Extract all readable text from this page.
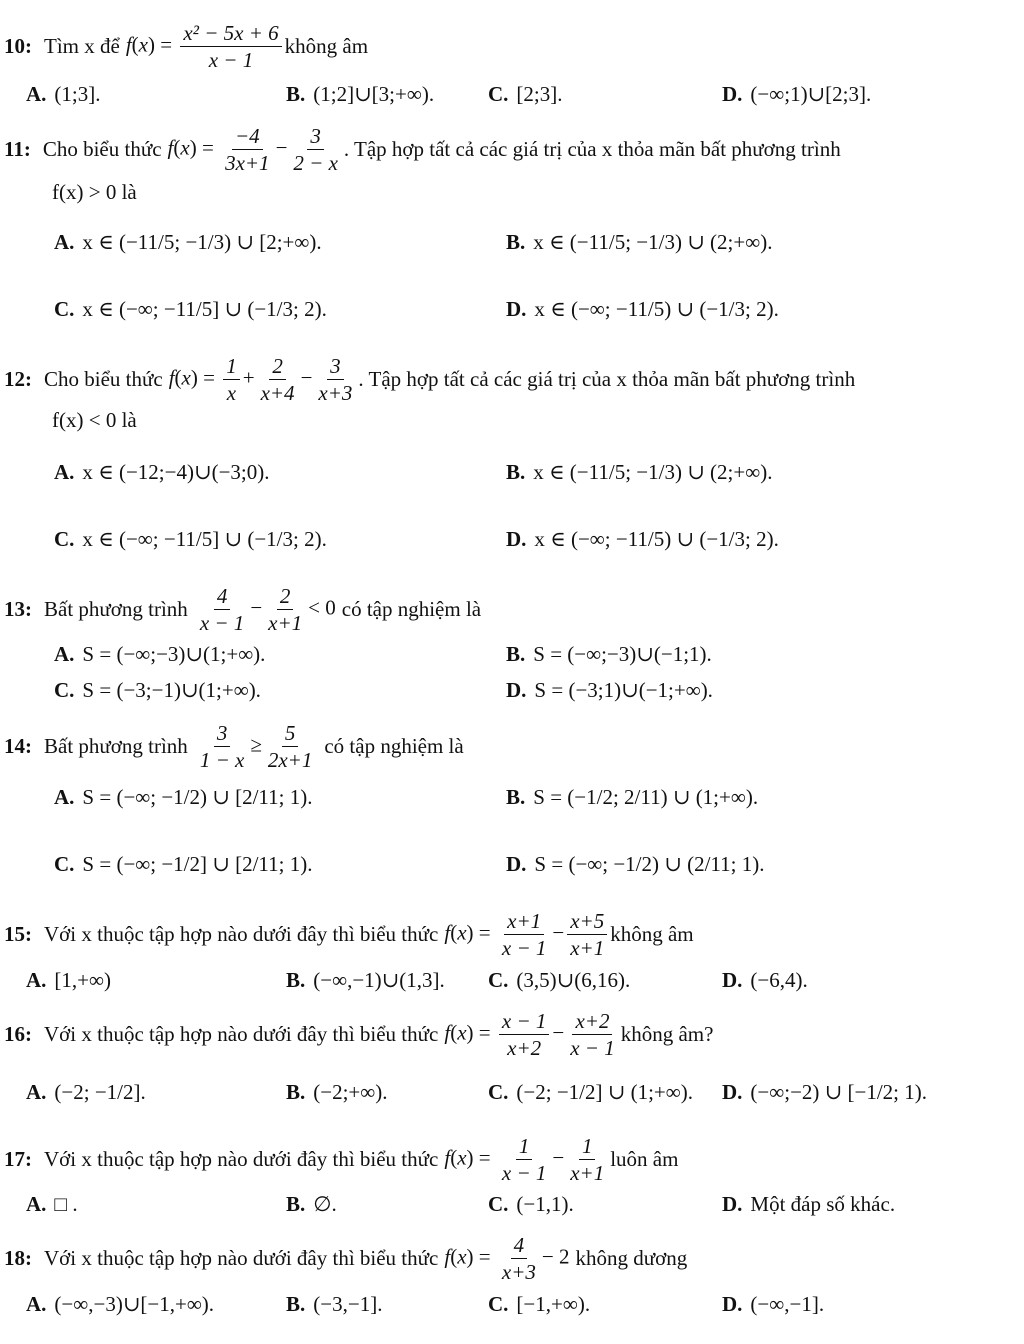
10: Tìm x để $f(x) = \frac{\text{x² − 5x + 6}}{x - 1}$ không âm
A. (1;3].	B. (1;2]∪[3;+∞).	C. [2;3].	D. (−∞;1)∪[2;3].
11: Cho biểu thức $f(x) = \frac{-4}{3x+1} - \frac{3}{2 - x}$ . Tập hợp tất cả các giá trị của x thỏa mãn bất phương trình
f(x) > 0 là
A. x ∈ (−11/5; −1/3) ∪ [2;+∞).	B. x ∈ (−11/5; −1/3) ∪ (2;+∞).
C. x ∈ (−∞; −11/5] ∪ (−1/3; 2).	D. x ∈ (−∞; −11/5) ∪ (−1/3; 2).
12: Cho biểu thức $f(x) = \frac{1}{x} + \frac{2}{x+4} - \frac{3}{x+3}$ . Tập hợp tất cả các giá trị của x thỏa mãn bất phương trình
f(x) < 0 là
A. x ∈ (−12;−4)∪(−3;0).	B. x ∈ (−11/5; −1/3) ∪ (2;+∞).
C. x ∈ (−∞; −11/5] ∪ (−1/3; 2).	D. x ∈ (−∞; −11/5) ∪ (−1/3; 2).
13: Bất phương trình $\frac{4}{x - 1} - \frac{2}{x+1} < 0$ có tập nghiệm là
A. S = (−∞;−3)∪(1;+∞).	B. S = (−∞;−3)∪(−1;1).
C. S = (−3;−1)∪(1;+∞).	D. S = (−3;1)∪(−1;+∞).
14: Bất phương trình $\frac{3}{1 - x} \ge \frac{5}{2x+1}$ có tập nghiệm là
A. S = (−∞; −1/2) ∪ [2/11; 1).	B. S = (−1/2; 2/11) ∪ (1;+∞).
C. S = (−∞; −1/2] ∪ [2/11; 1).	D. S = (−∞; −1/2) ∪ (2/11; 1).
15: Với x thuộc tập hợp nào dưới đây thì biểu thức $f(x) = \frac{x+1}{x - 1} - \frac{x+5}{x+1}$ không âm
A. [1,+∞)	B. (−∞,−1)∪(1,3]. C. (3,5)∪(6,16).	D. (−6,4).
16: Với x thuộc tập hợp nào dưới đây thì biểu thức $f(x) = \frac{x - 1}{x+2} - \frac{x+2}{x - 1}$ không âm?
A. (−2; −1/2].	B. (−2;+∞).	C. (−2; −1/2] ∪ (1;+∞). D. (−∞;−2) ∪ [−1/2; 1).
17: Với x thuộc tập hợp nào dưới đây thì biểu thức $f(x) = \frac{1}{x - 1} - \frac{1}{x+1}$ luôn âm
A. □ .	B. ∅.	C. (−1,1).	D. Một đáp số khác.
18: Với x thuộc tập hợp nào dưới đây thì biểu thức $f(x) = \frac{4}{x+3} - 2$ không dương
A. (−∞,−3)∪[−1,+∞).	B. (−3,−1].	C. [−1,+∞).	D. (−∞,−1].
